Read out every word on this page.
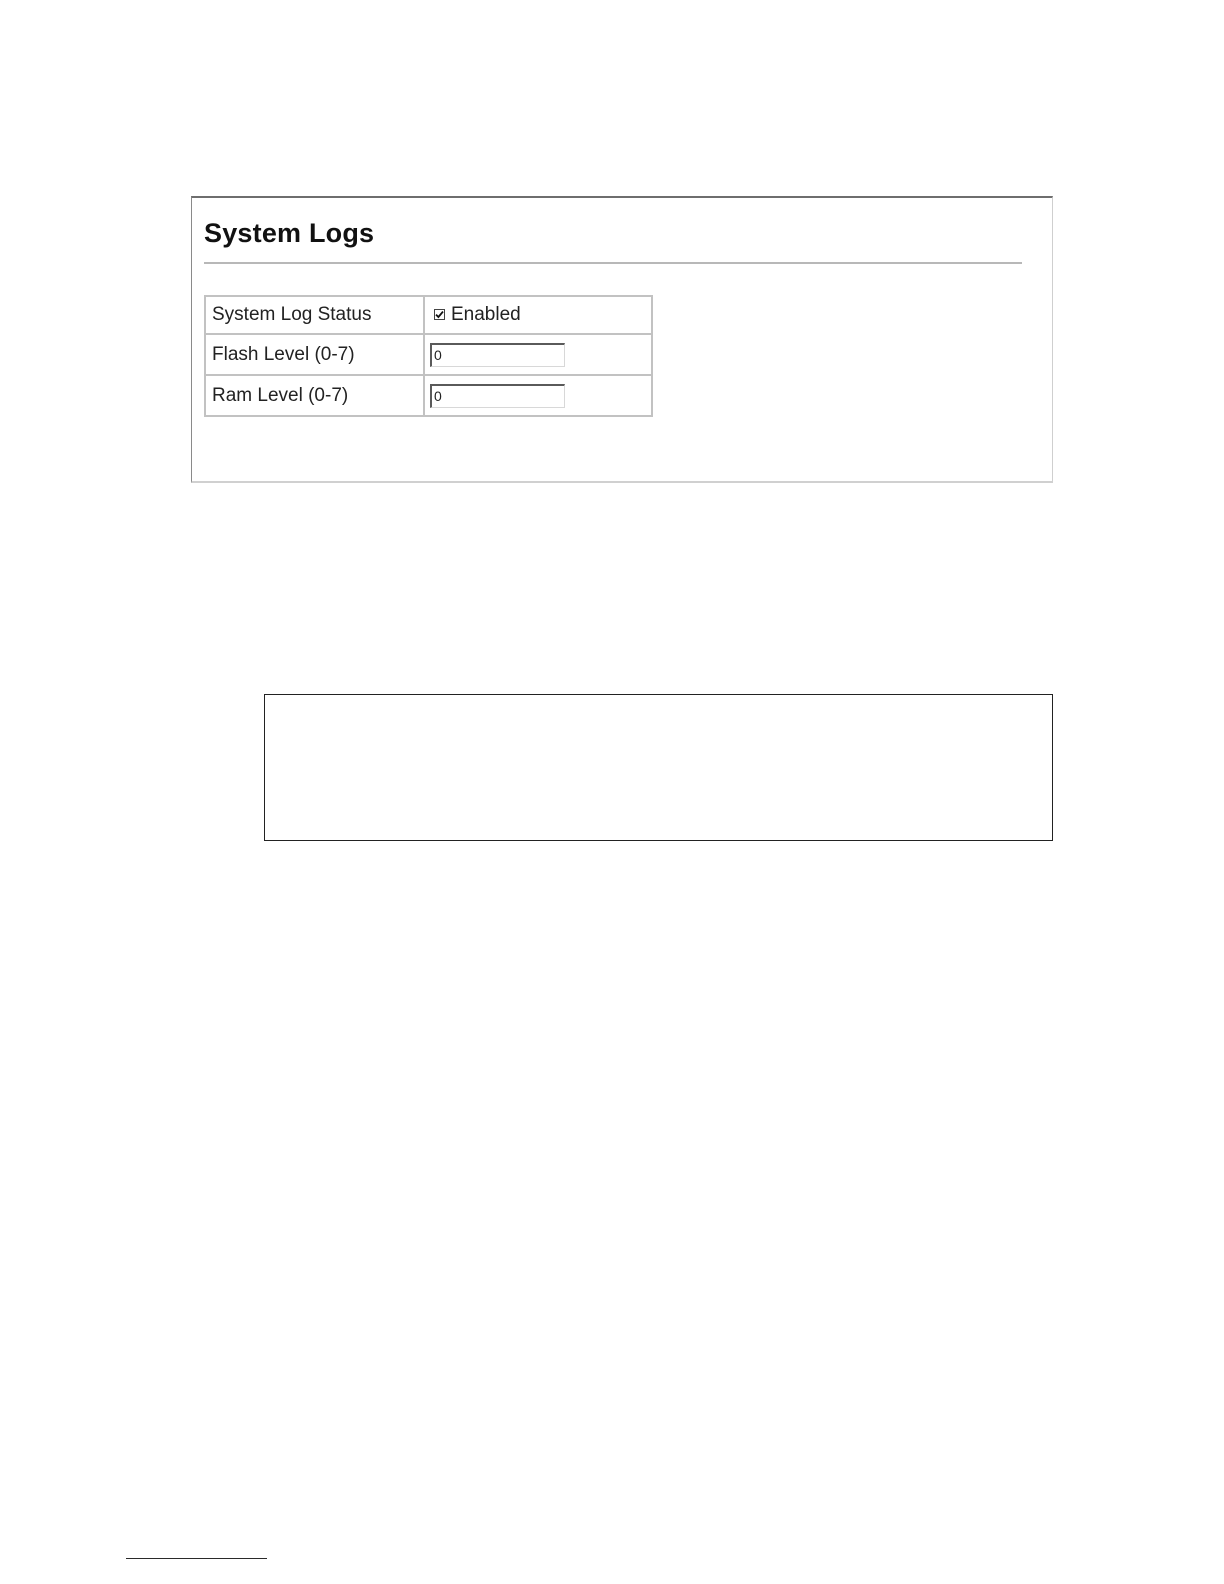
System Logs
System Log Status	Enabled

Flash Level (0-7)	0
Ram Level (0-7)	0
